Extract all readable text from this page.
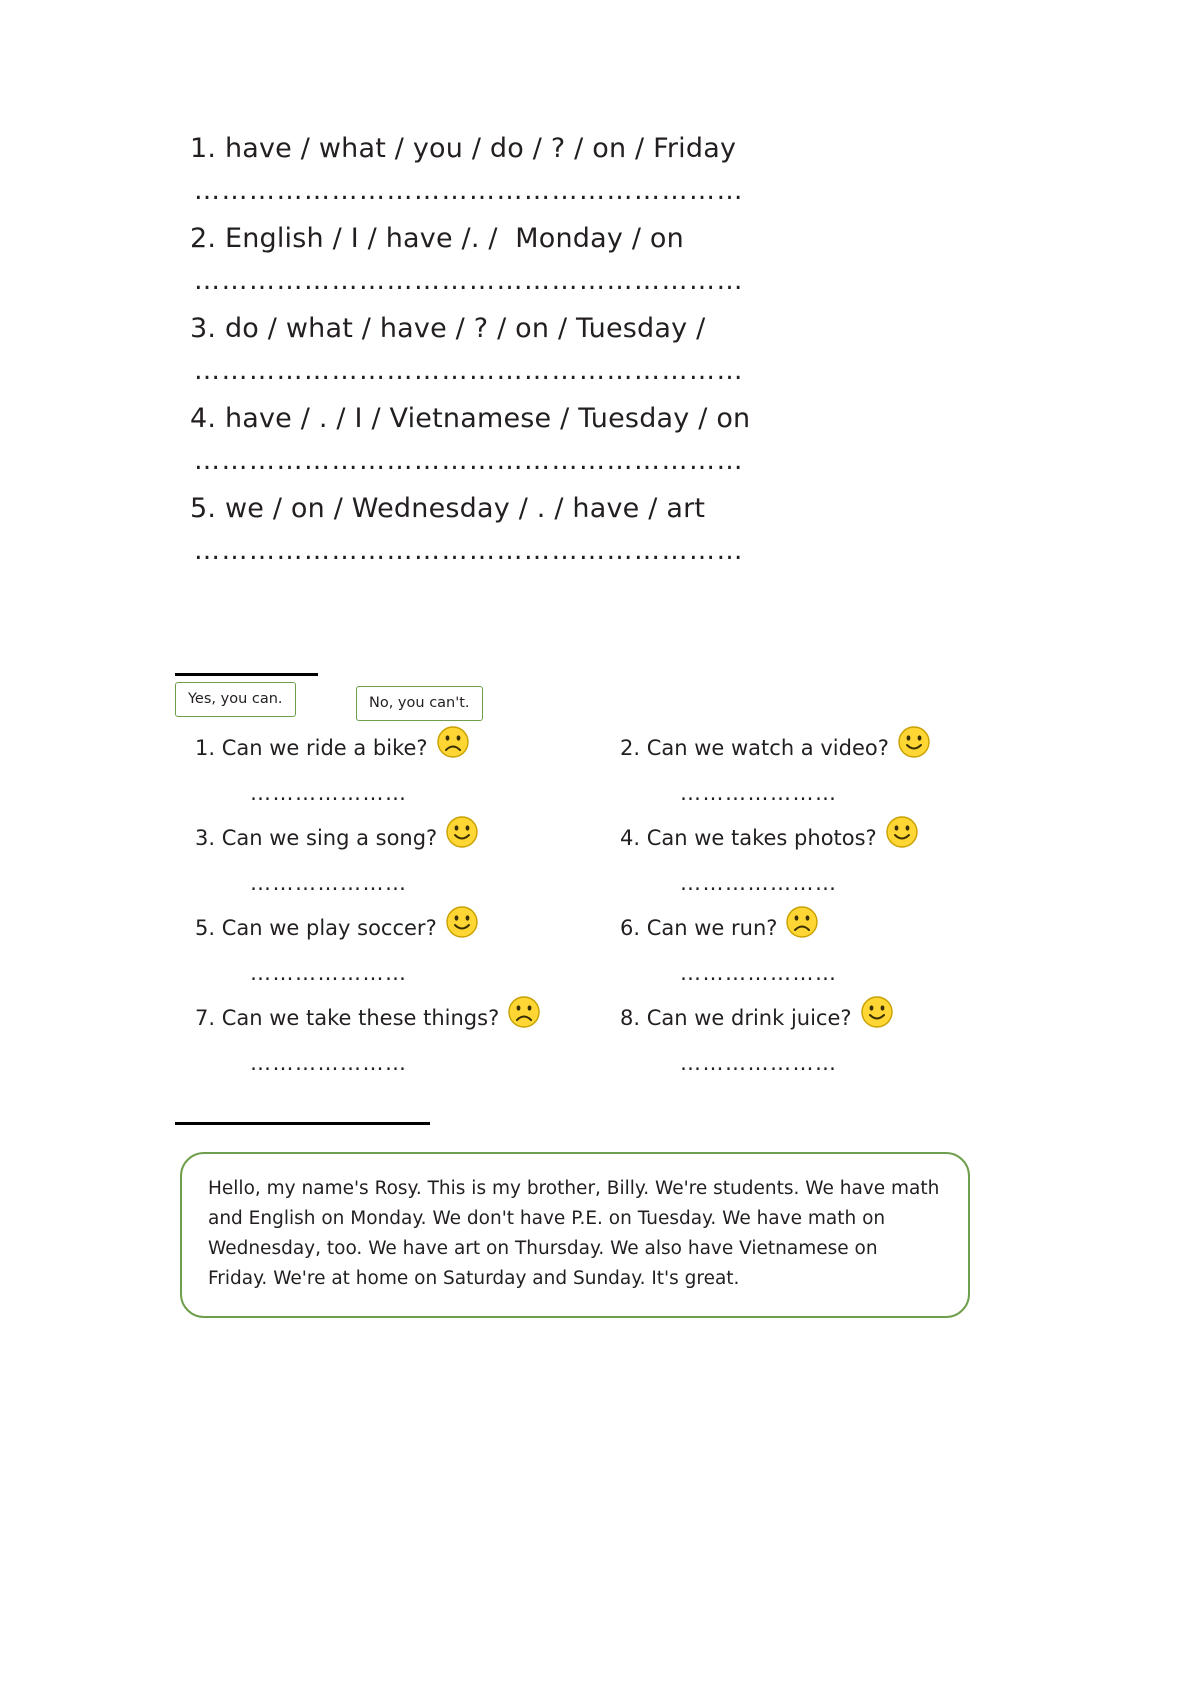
1. have / what / you / do / ? / on / Friday
……………………………………………………
2. English / I / have /. /  Monday / on
……………………………………………………
3. do / what / have / ? / on / Tuesday /
……………………………………………………
4. have / . / I / Vietnamese / Tuesday / on
……………………………………………………
5. we / on / Wednesday / . / have / art
……………………………………………………
Yes, you can.	No, you can't.
1. Can we ride a bike?
…………………
2. Can we watch a video?
…………………
3. Can we sing a song?
…………………
4. Can we takes photos?
…………………
5. Can we play soccer?
…………………
6. Can we run?
…………………
7. Can we take these things?
…………………
8. Can we drink juice?
…………………
Hello, my name's Rosy. This is my brother, Billy. We're students. We have math and English on Monday. We don't have P.E. on Tuesday. We have math on Wednesday, too. We have art on Thursday. We also have Vietnamese on Friday. We're at home on Saturday and Sunday. It's great.
